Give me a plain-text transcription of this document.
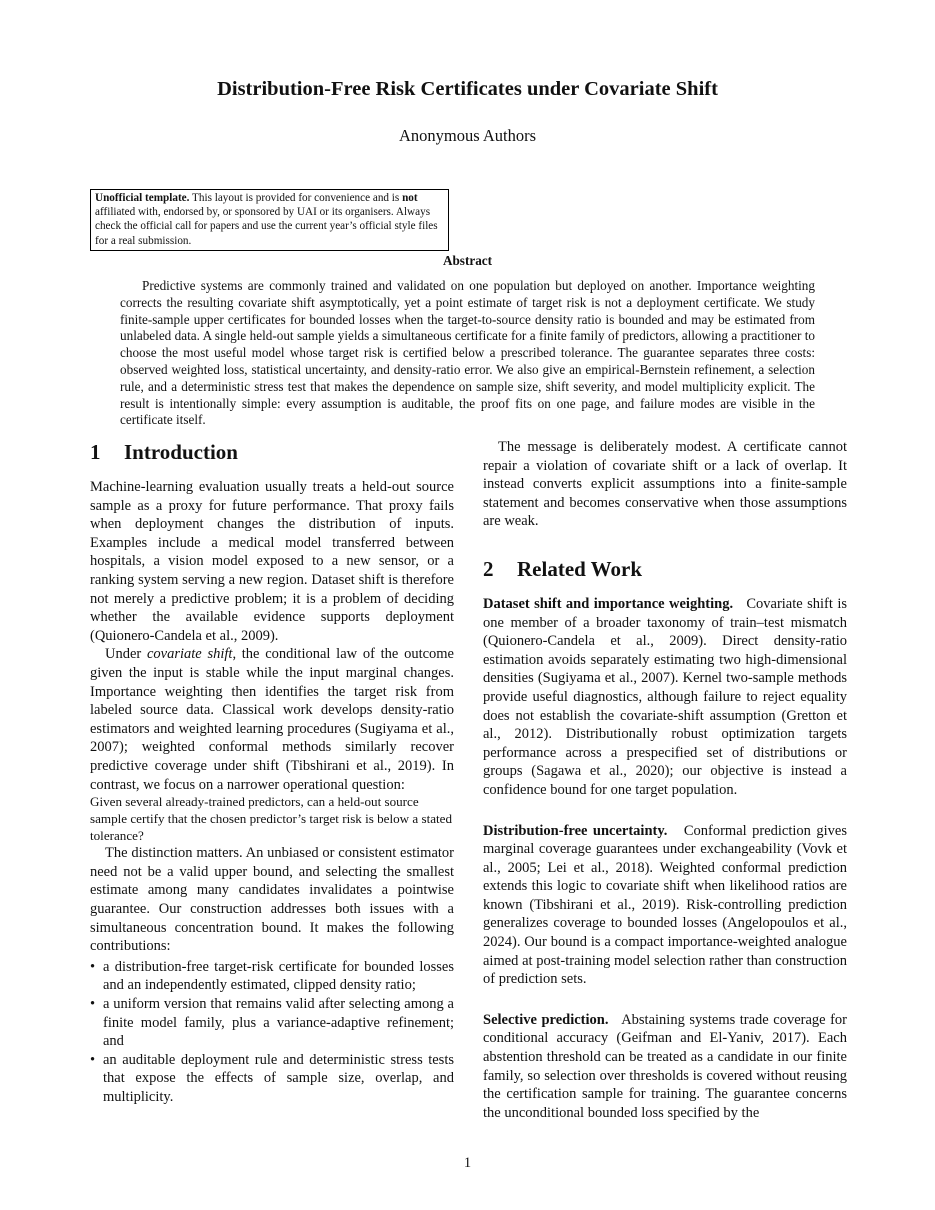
Distribution-Free Risk Certificates under Covariate Shift
Anonymous Authors
Unofficial template. This layout is provided for convenience and is not affiliated with, endorsed by, or sponsored by UAI or its organisers. Always check the official call for papers and use the current year’s official style files for a real submission.
Abstract

Predictive systems are commonly trained and validated on one population but deployed on another. Importance weighting corrects the resulting covariate shift asymptotically, yet a point estimate of target risk is not a deployment certificate. We study finite-sample upper certificates for bounded losses when the target-to-source density ratio is bounded and may be estimated from unlabeled data. A single held-out sample yields a simultaneous certificate for a finite family of predictors, allowing a practitioner to choose the most useful model whose target risk is certified below a prescribed tolerance. The guarantee separates three costs: observed weighted loss, statistical uncertainty, and density-ratio error. We also give an empirical-Bernstein refinement, a selection rule, and a deterministic stress test that makes the dependence on sample size, shift severity, and model multiplicity explicit. The result is intentionally simple: every assumption is auditable, the proof fits on one page, and failure modes are visible in the certificate itself.

1 Introduction

Machine-learning evaluation usually treats a held-out source sample as a proxy for future performance. That proxy fails when deployment changes the distribution of inputs. Examples include a medical model transferred between hospitals, a vision model exposed to a new sensor, or a ranking system serving a new region. Dataset shift is therefore not merely a predictive problem; it is a problem of deciding whether the available evidence supports deployment (Quionero-Candela et al., 2009).

Under covariate shift, the conditional law of the outcome given the input is stable while the input marginal changes. Importance weighting then identifies the target risk from labeled source data. Classical work develops density-ratio estimators and weighted learning procedures (Sugiyama et al., 2007); weighted conformal methods similarly recover predictive coverage under shift (Tibshirani et al., 2019). In contrast, we focus on a narrower operational question:

Given several already-trained predictors, can a held-out source sample certify that the chosen predictor’s target risk is below a stated tolerance?

The distinction matters. An unbiased or consistent estimator need not be a valid upper bound, and selecting the smallest estimate among many candidates invalidates a pointwise guarantee. Our construction addresses both issues with a simultaneous concentration bound. It makes the following contributions:

• a distribution-free target-risk certificate for bounded losses and an independently estimated, clipped density ratio;
• a uniform version that remains valid after selecting among a finite model family, plus a variance-adaptive refinement; and
• an auditable deployment rule and deterministic stress tests that expose the effects of sample size, overlap, and multiplicity.

The message is deliberately modest. A certificate cannot repair a violation of covariate shift or a lack of overlap. It instead converts explicit assumptions into a finite-sample statement and becomes conservative when those assumptions are weak.

2 Related Work

Dataset shift and importance weighting. Covariate shift is one member of a broader taxonomy of train–test mismatch (Quionero-Candela et al., 2009). Direct density-ratio estimation avoids separately estimating two high-dimensional densities (Sugiyama et al., 2007). Kernel two-sample methods provide useful diagnostics, although failure to reject equality does not establish the covariate-shift assumption (Gretton et al., 2012). Distributionally robust optimization targets performance across a prespecified set of distributions or groups (Sagawa et al., 2020); our objective is instead a confidence bound for one target population.

Distribution-free uncertainty. Conformal prediction gives marginal coverage guarantees under exchangeability (Vovk et al., 2005; Lei et al., 2018). Weighted conformal prediction extends this logic to covariate shift when likelihood ratios are known (Tibshirani et al., 2019). Risk-controlling prediction generalizes coverage to bounded losses (Angelopoulos et al., 2024). Our bound is a compact importance-weighted analogue aimed at post-training model selection rather than construction of prediction sets.

Selective prediction. Abstaining systems trade coverage for conditional accuracy (Geifman and El-Yaniv, 2017). Each abstention threshold can be treated as a candidate in our finite family, so selection over thresholds is covered without reusing the certification sample for training. The guarantee concerns the unconditional bounded loss specified by the

1
